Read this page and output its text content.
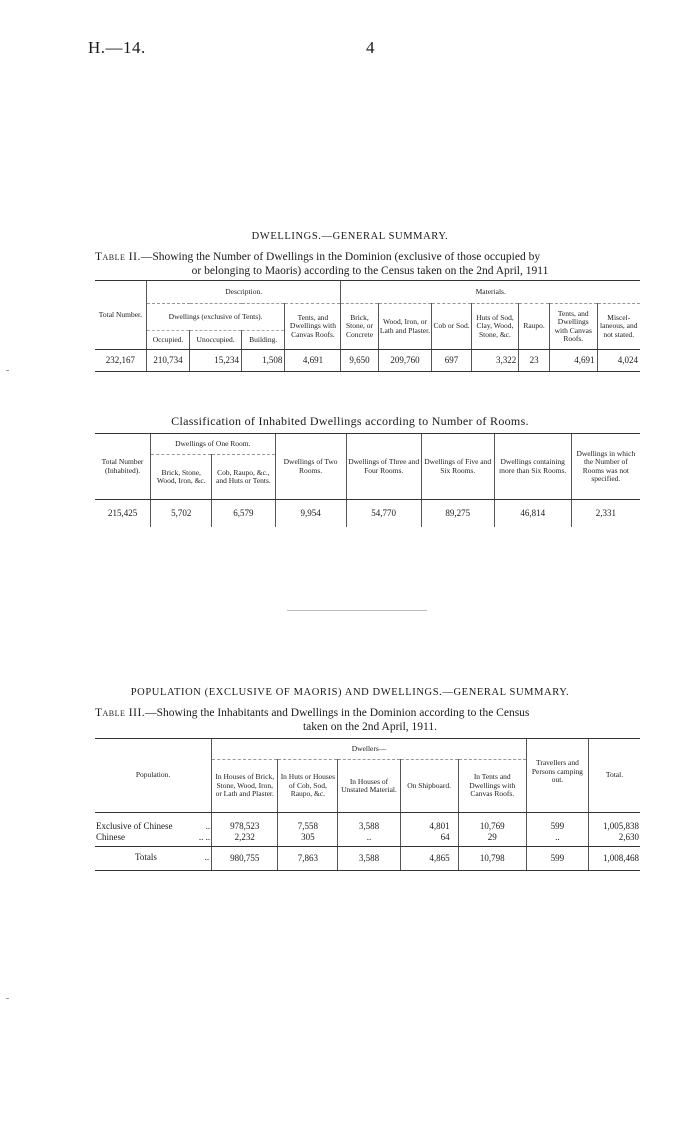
H.—14.	4
DWELLINGS.—GENERAL SUMMARY.
Table II.—Showing the Number of Dwellings in the Dominion (exclusive of those occupied by
or belonging to Maoris) according to the Census taken on the 2nd April, 1911
Total Number.	Description.				Materials.						
	Dwellings (exclusive of Tents).			Tents, and Dwellings with Canvas Roofs.	Brick, Stone, or Concrete	Wood, Iron, or Lath and Plaster.	Cob or Sod.	Huts of Sod, Clay, Wood, Stone, &c.	Raupo.	Tents, and Dwellings with Canvas Roofs.	Miscel-laneous, and not stated.
	Occupied.	Unoccupied.	Building.								
232,167	210,734	15,234	1,508	4,691	9,650	209,760	697	3,322	23	4,691	4,024
Classification of Inhabited Dwellings according to Number of Rooms.
Total Number (Inhabited).	Dwellings of One Room.		Dwellings of Two Rooms.	Dwellings of Three and Four Rooms.	Dwellings of Five and Six Rooms.	Dwellings containing more than Six Rooms.	Dwellings in which the Number of Rooms was not specified.
	Brick, Stone, Wood, Iron, &c.	Cob, Raupo, &c., and Huts or Tents.					
215,425	5,702	6,579	9,954	54,770	89,275	46,814	2,331
POPULATION (EXCLUSIVE OF MAORIS) AND DWELLINGS.—GENERAL SUMMARY.
Table III.—Showing the Inhabitants and Dwellings in the Dominion according to the Census
taken on the 2nd April, 1911.
Population.	Dwellers—					Travellers and Persons camping out.	Total.
	In Houses of Brick, Stone, Wood, Iron, or Lath and Plaster.	In Huts or Houses of Cob, Sod, Raupo, &c.	In Houses of Unstated Material.	On Shipboard.	In Tents and Dwellings with Canvas Roofs.		
Exclusive of Chinese ..	978,523	7,558	3,588	4,801	10,769	599	1,005,838
Chinese .. ..	2,232	305	..	64	29	..	2,630
Totals ..	980,755	7,863	3,588	4,865	10,798	599	1,008,468
